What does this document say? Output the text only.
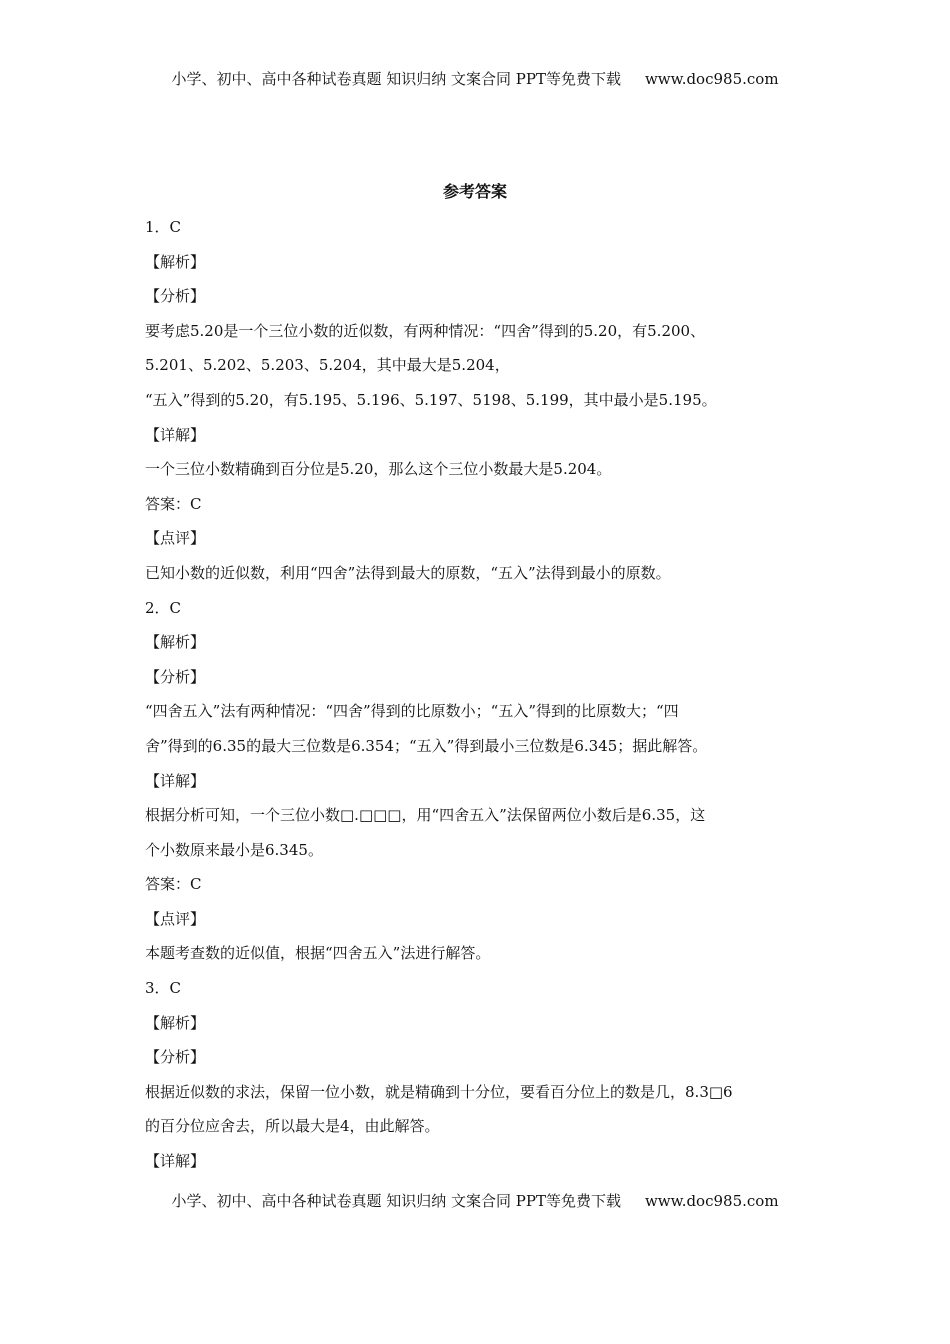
小学、初中、高中各种试卷真题 知识归纳 文案合同 PPT等免费下载 www.doc985.com
参考答案
1．C
【解析】
【分析】
要考虑5.20是一个三位小数的近似数，有两种情况：“四舍”得到的5.20，有5.200、
5.201、5.202、5.203、5.204，其中最大是5.204，
“五入”得到的5.20，有5.195、5.196、5.197、5198、5.199，其中最小是5.195。
【详解】
一个三位小数精确到百分位是5.20，那么这个三位小数最大是5.204。
答案：C
【点评】
已知小数的近似数，利用“四舍”法得到最大的原数，“五入”法得到最小的原数。
2．C
【解析】
【分析】
“四舍五入”法有两种情况：“四舍”得到的比原数小；“五入”得到的比原数大；“四
舍”得到的6.35的最大三位数是6.354；“五入”得到最小三位数是6.345；据此解答。
【详解】
根据分析可知，一个三位小数□.□□□，用“四舍五入”法保留两位小数后是6.35，这
个小数原来最小是6.345。
答案：C
【点评】
本题考查数的近似值，根据“四舍五入”法进行解答。
3．C
【解析】
【分析】
根据近似数的求法，保留一位小数，就是精确到十分位，要看百分位上的数是几，8.3□6
的百分位应舍去，所以最大是4，由此解答。
【详解】
小学、初中、高中各种试卷真题 知识归纳 文案合同 PPT等免费下载 www.doc985.com
